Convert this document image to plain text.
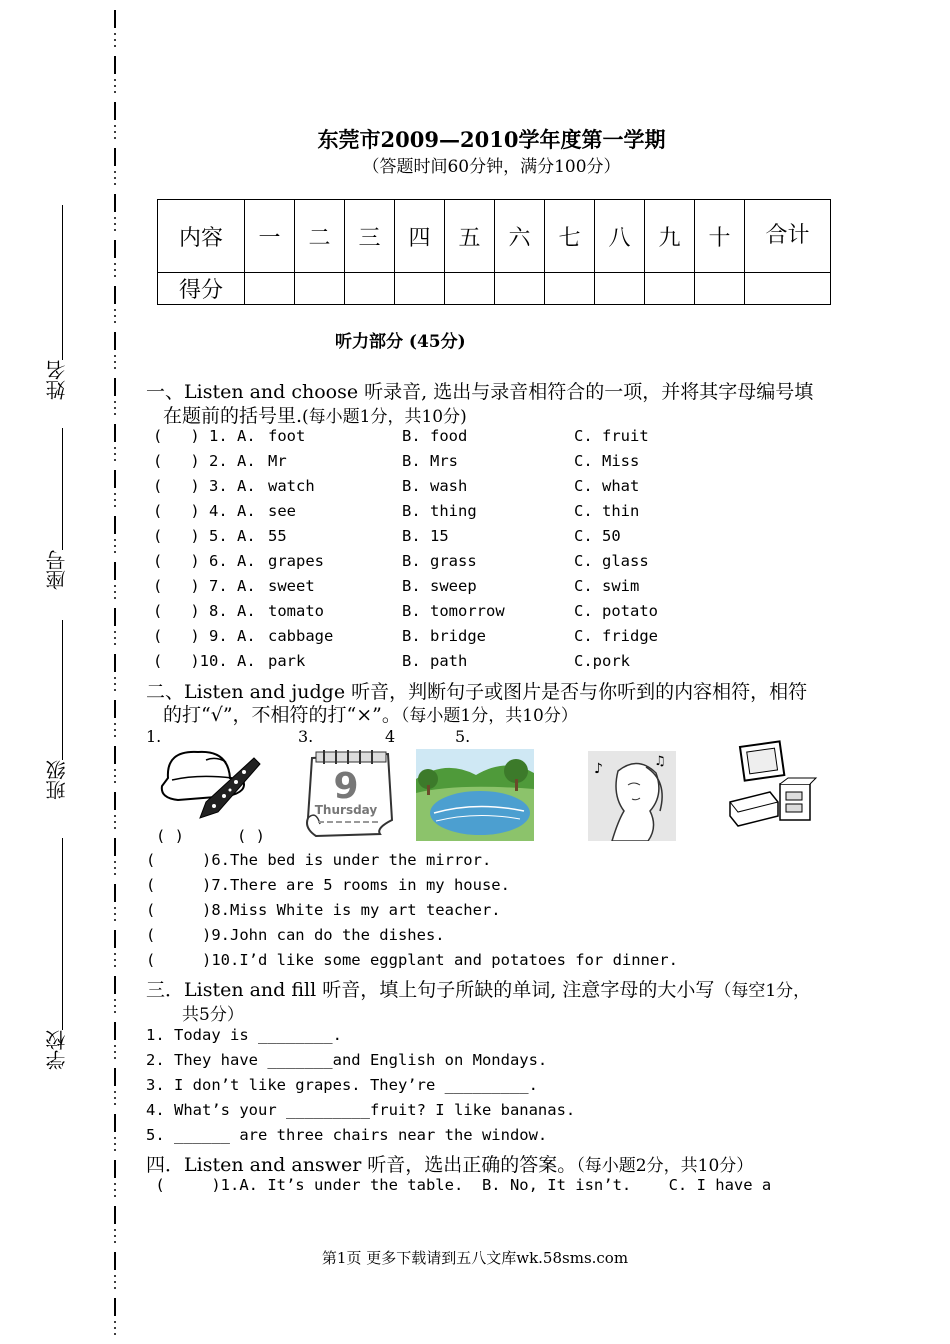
姓名
座号
班级
学校
东莞市2009—2010学年度第一学期
（答题时间60分钟，满分100分）
内容	一	二	三	四	五	六	七	八	九	十	合计
得分											
听力部分 (45分)
一、Listen and choose 听录音, 选出与录音相符合的一项，并将其字母编号填
在题前的括号里.(每小题1分，共10分)
(   ) 1. A. foot	B. food	C. fruit
(   ) 2. A. Mr	B. Mrs	C. Miss
(   ) 3. A. watch	B. wash	C. what
(   ) 4. A. see	B. thing	C. thin
(   ) 5. A. 55	B. 15	C. 50
(   ) 6. A. grapes	B. grass	C. glass
(   ) 7. A. sweet	B. sweep	C. swim
(   ) 8. A. tomato	B. tomorrow	C. potato
(   ) 9. A. cabbage	B. bridge	C. fridge
(   )10. A. park	B. path	C.pork
二、Listen and judge 听音，判断句子或图片是否与你听到的内容相符，相符
的打“√”，不相符的打“×”。（每小题1分，共10分）
1.	3.	4	5.
9
Thursday
♪	♫
( )	( )
(     )6.The bed is under the mirror.
(     )7.There are 5 rooms in my house.
(     )8.Miss White is my art teacher.
(     )9.John can do the dishes.
(     )10.I’d like some eggplant and potatoes for dinner.
三．Listen and fill 听音，填上句子所缺的单词, 注意字母的大小写（每空1分，
共5分）
1. Today is ________.
2. They have _______and English on Mondays.
3. I don’t like grapes. They’re _________.
4. What’s your _________fruit? I like bananas.
5. ______ are three chairs near the window.
四．Listen and answer 听音，选出正确的答案。（每小题2分，共10分）
(     )1.A. It’s under the table.  B. No, It isn’t.    C. I have a
第1页 更多下载请到五八文库wk.58sms.com
